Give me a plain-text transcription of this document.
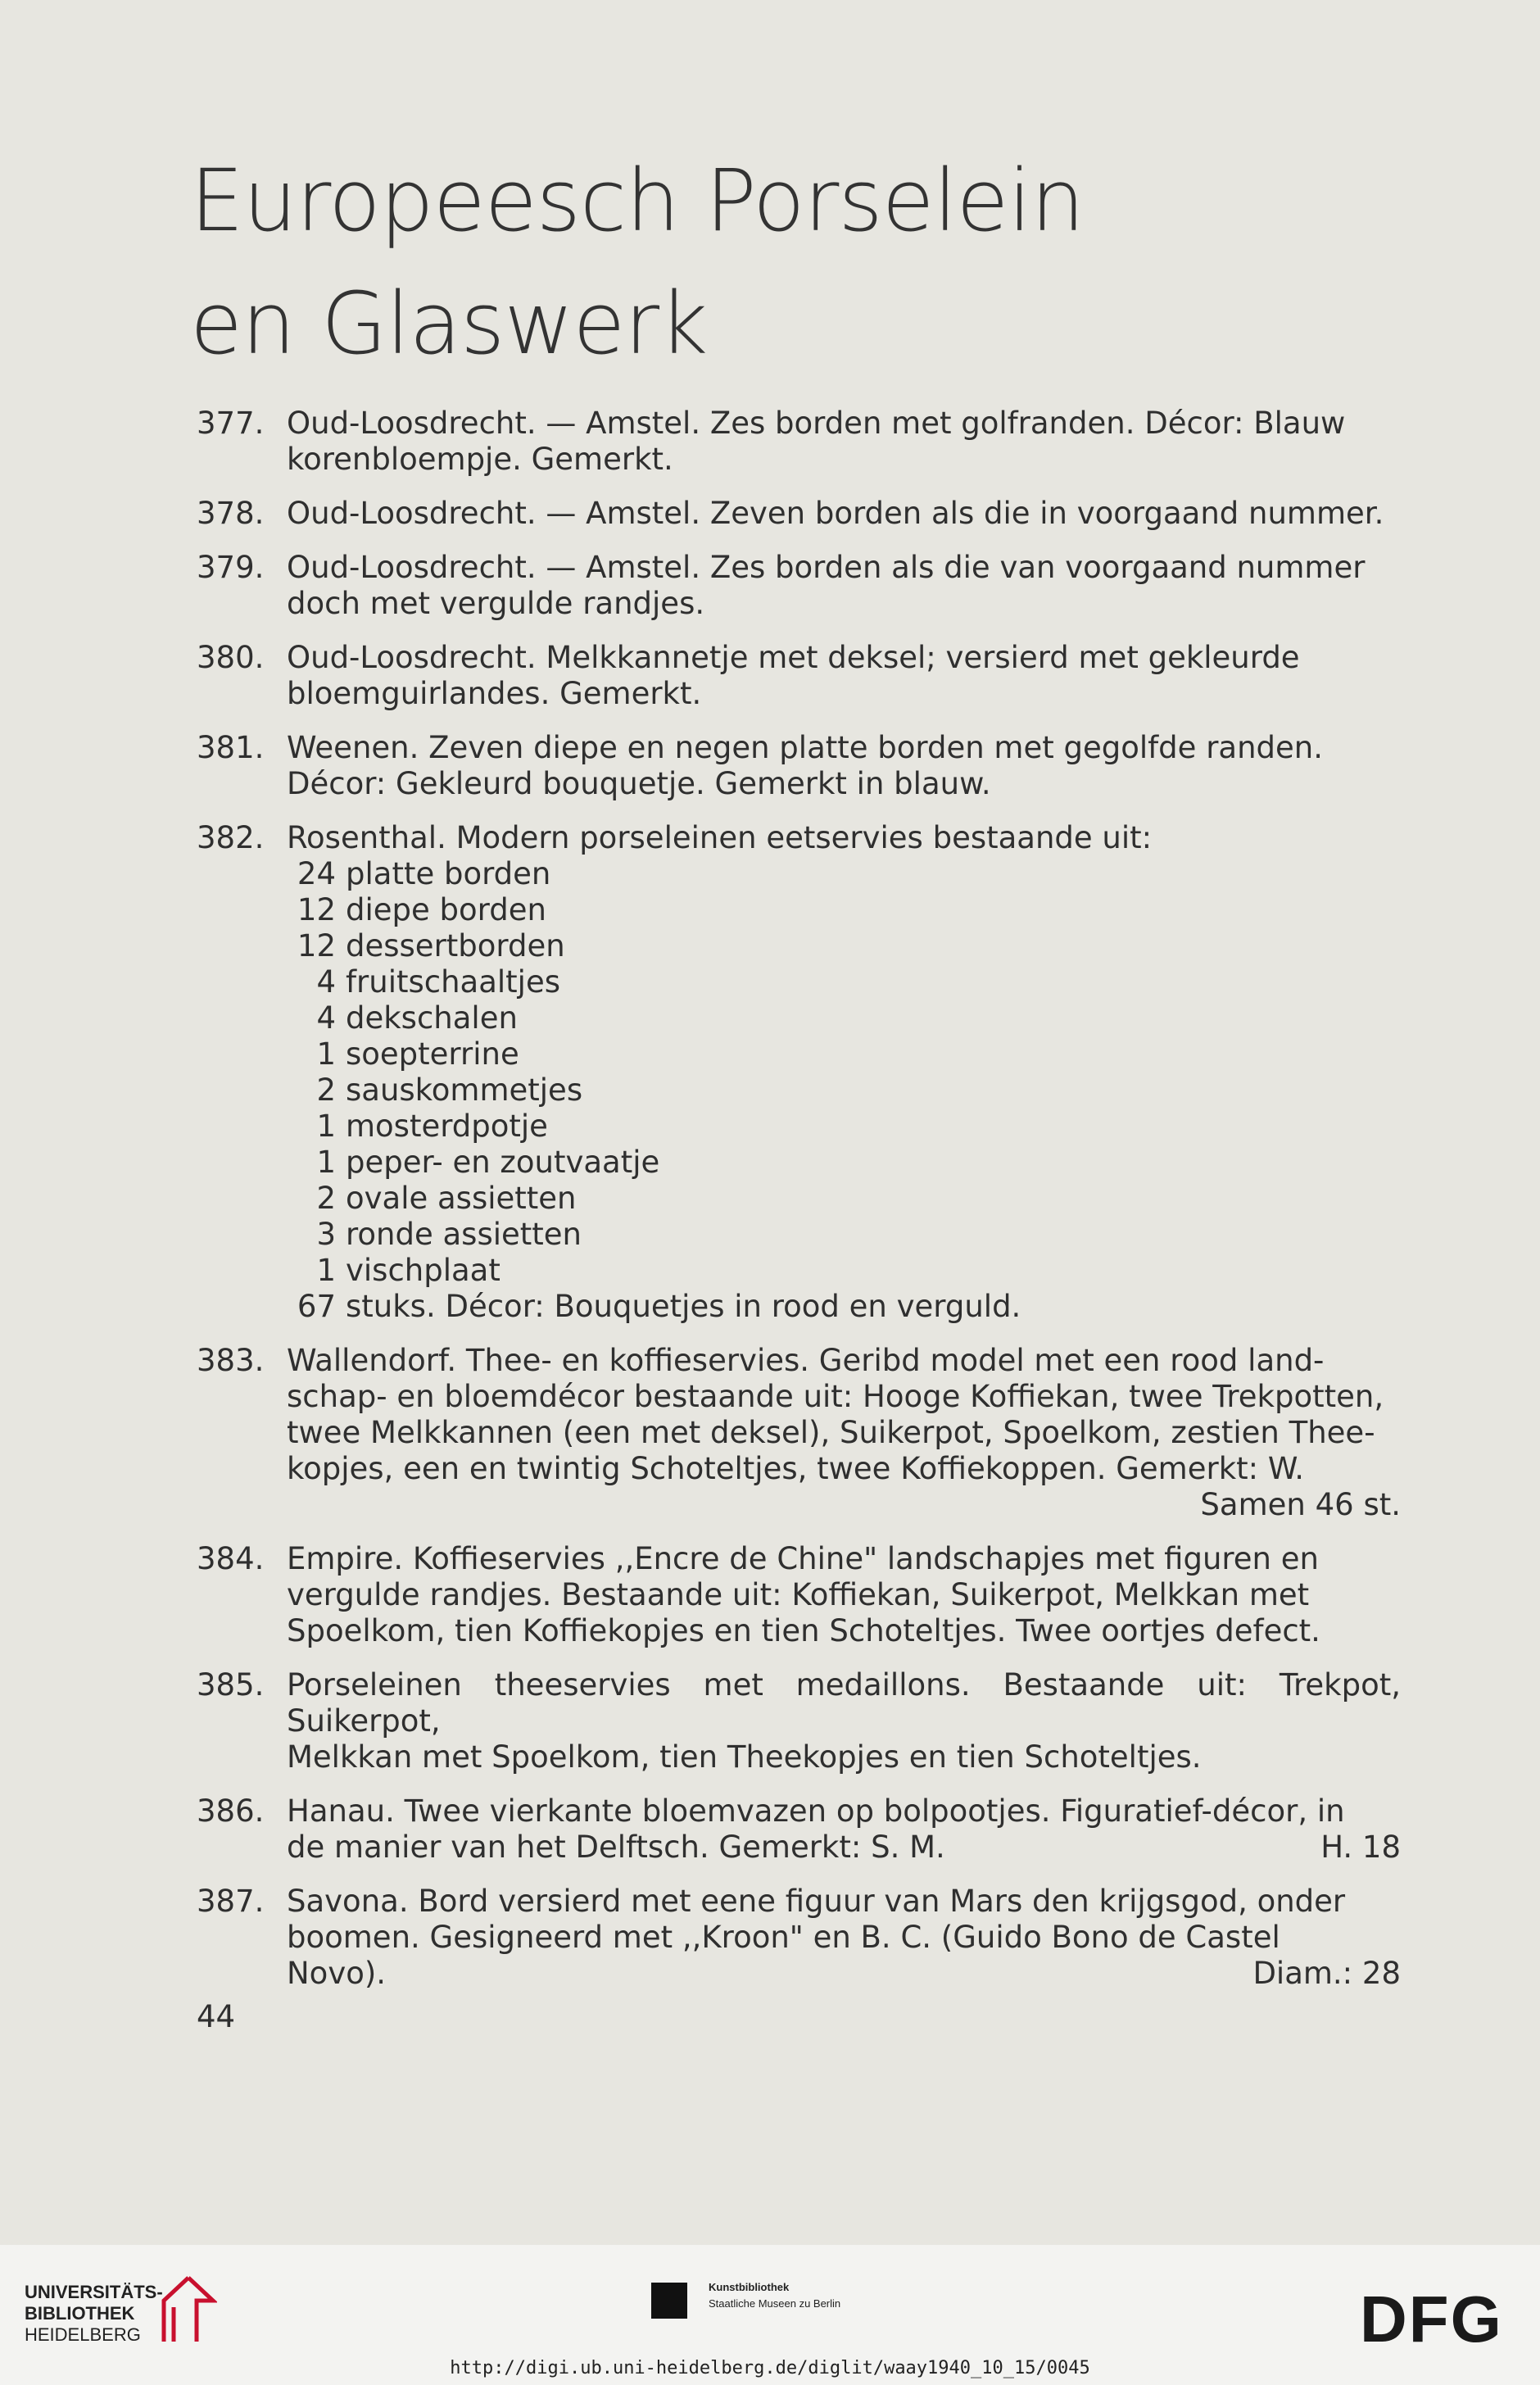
Europeesch Porselein
en Glaswerk
377. Oud-Loosdrecht. — Amstel. Zes borden met golfranden. Décor: Blauw
korenbloempje. Gemerkt.
378. Oud-Loosdrecht. — Amstel. Zeven borden als die in voorgaand nummer.
379. Oud-Loosdrecht. — Amstel. Zes borden als die van voorgaand nummer
doch met vergulde randjes.
380. Oud-Loosdrecht. Melkkannetje met deksel; versierd met gekleurde
bloemguirlandes. Gemerkt.
381. Weenen. Zeven diepe en negen platte borden met gegolfde randen.
Décor: Gekleurd bouquetje. Gemerkt in blauw.
382. Rosenthal. Modern porseleinen eetservies bestaande uit:
24 platte borden
12 diepe borden
12 dessertborden
4 fruitschaaltjes
4 dekschalen
1 soepterrine
2 sauskommetjes
1 mosterdpotje
1 peper- en zoutvaatje
2 ovale assietten
3 ronde assietten
1 vischplaat
67 stuks. Décor: Bouquetjes in rood en verguld.
383. Wallendorf. Thee- en koffieservies. Geribd model met een rood land-
schap- en bloemdécor bestaande uit: Hooge Koffiekan, twee Trekpotten,
twee Melkkannen (een met deksel), Suikerpot, Spoelkom, zestien Thee-
kopjes, een en twintig Schoteltjes, twee Koffiekoppen. Gemerkt: W.
Samen 46 st.
384. Empire. Koffieservies ,,Encre de Chine" landschapjes met figuren en
vergulde randjes. Bestaande uit: Koffiekan, Suikerpot, Melkkan met
Spoelkom, tien Koffiekopjes en tien Schoteltjes. Twee oortjes defect.
385. Porseleinen theeservies met medaillons. Bestaande uit: Trekpot, Suikerpot,
Melkkan met Spoelkom, tien Theekopjes en tien Schoteltjes.
386. Hanau. Twee vierkante bloemvazen op bolpootjes. Figuratief-décor, in
de manier van het Delftsch. Gemerkt: S. M.	H. 18
387. Savona. Bord versierd met eene figuur van Mars den krijgsgod, onder
boomen. Gesigneerd met ,,Kroon" en B. C. (Guido Bono de Castel
Novo).	Diam.: 28
44
UNIVERSITÄTS-
BIBLIOTHEK
HEIDELBERG
Kunstbibliothek
Staatliche Museen zu Berlin	DFG
http://digi.ub.uni-heidelberg.de/diglit/waay1940_10_15/0045
